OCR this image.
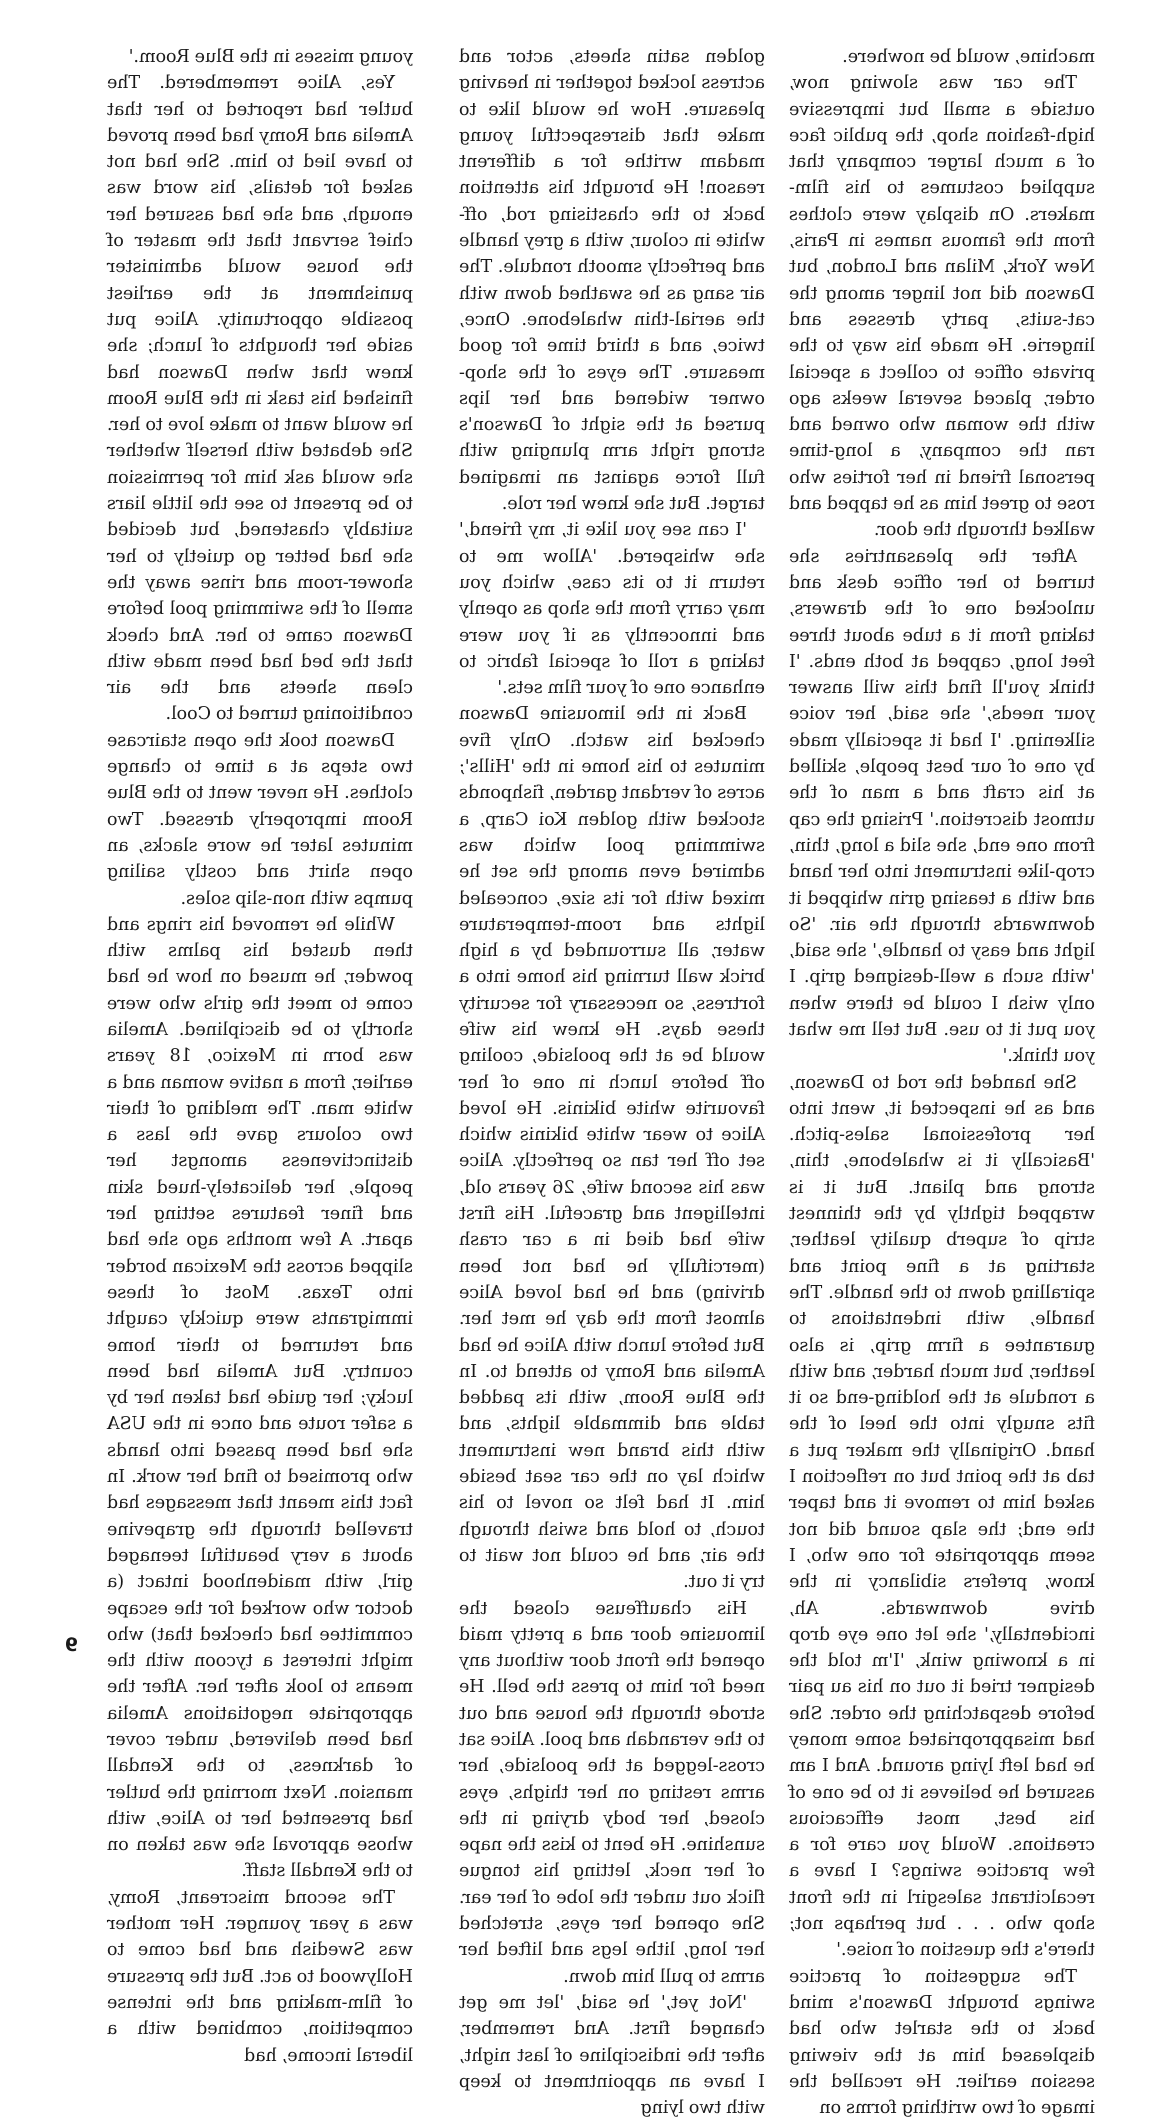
machine, would be nowhere.

The car was slowing now, outside a small but impressive high-fashion shop, the public face of a much larger company that supplied costumes to his film-makers. On display were clothes from the famous names in Paris, New York, Milan and London, but Dawson did not linger among the cat-suits, party dresses and lingerie. He made his way to the private office to collect a special order, placed several weeks ago with the woman who owned and ran the company, a long-time personal friend in her forties who rose to greet him as he tapped and walked through the door.

After the pleasantries she turned to her office desk and unlocked one of the drawers, taking from it a tube about three feet long, capped at both ends. 'I think you'll find this will answer your needs,' she said, her voice silkening. 'I had it specially made by one of our best people, skilled at his craft and a man of the utmost discretion.' Prising the cap from one end, she slid a long, thin, crop-like instrument into her hand and with a teasing grin whipped it downwards through the air. 'So light and easy to handle,' she said, 'with such a well-designed grip. I only wish I could be there when you put it to use. But tell me what you think.'

She handed the rod to Dawson, and as he inspected it, went into her professional sales-pitch. 'Basically it is whalebone, thin, strong and pliant. But it is wrapped tightly by the thinnest strip of superb quality leather, starting at a fine point and spiralling down to the handle. The handle, with indentations to guarantee a firm grip, is also leather, but much harder, and with a rondule at the holding-end so it fits snugly into the heel of the hand. Originally the maker put a tab at the point but on reflection I asked him to remove it and taper the end; the slap sound did not seem appropriate for one who, I know, prefers sibilancy in the drive downwards. Ah, incidentally,' she let one eye drop in a knowing wink, 'I'm told the designer tried it out on his au pair before despatching the order. She had misappropriated some money he had left lying around. And I am assured he believes it to be one of his best, most efficacious creations. Would you care for a few practice swings? I have a recalcitrant salesgirl in the front shop who . . . but perhaps not; there's the question of noise.'

The suggestion of practice swings brought Dawson's mind back to the starlet who had displeased him at the viewing session earlier. He recalled the image of two writhing forms on

golden satin sheets, actor and actress locked together in heaving pleasure. How he would like to make that disrespectful young madam writhe for a different reason! He brought his attention back to the chastising rod, off-white in colour, with a grey handle and perfectly smooth rondule. The air sang as he swathed down with the aerial-thin whalebone. Once, twice, and a third time for good measure. The eyes of the shop-owner widened and her lips pursed at the sight of Dawson's strong right arm plunging with full force against an imagined target. But she knew her role.

'I can see you like it, my friend,' she whispered. 'Allow me to return it to its case, which you may carry from the shop as openly and innocently as if you were taking a roll of special fabric to enhance one of your film sets.'

Back in the limousine Dawson checked his watch. Only five minutes to his home in the 'Hills'; acres of verdant garden, fishponds stocked with golden Koi Carp, a swimming pool which was admired even among the set he mixed with for its size, concealed lights and room-temperature water, all surrounded by a high brick wall turning his home into a fortress, so necessary for security these days. He knew his wife would be at the poolside, cooling off before lunch in one of her favourite white bikinis. He loved Alice to wear white bikinis which set off her tan so perfectly. Alice was his second wife, 26 years old, intelligent and graceful. His first wife had died in a car crash (mercifully he had not been driving) and he had loved Alice almost from the day he met her. But before lunch with Alice he had Amelia and Romy to attend to. In the Blue Room, with its padded table and dimmable lights, and with this brand new instrument which lay on the car seat beside him. It had felt so novel to his touch, to hold and swish through the air, and he could not wait to try it out.

His chauffeuse closed the limousine door and a pretty maid opened the front door without any need for him to press the bell. He strode through the house and out to the verandah and pool. Alice sat cross-legged at the poolside, her arms resting on her thighs, eyes closed, her body drying in the sunshine. He bent to kiss the nape of her neck, letting his tongue flick out under the lobe of her ear. She opened her eyes, stretched her long, lithe legs and lifted her arms to pull him down.

'Not yet,' he said, 'let me get changed first. And remember, after the indiscipline of last night, I have an appointment to keep with two lying

young misses in the Blue Room.'

Yes, Alice remembered. The butler had reported to her that Amelia and Romy had been proved to have lied to him. She had not asked for details, his word was enough, and she had assured her chief servant that the master of the house would administer punishment at the earliest possible opportunity. Alice put aside her thoughts of lunch; she knew that when Dawson had finished his task in the Blue Room he would want to make love to her. She debated with herself whether she would ask him for permission to be present to see the little liars suitably chastened, but decided she had better go quietly to her shower-room and rinse away the smell of the swimming pool before Dawson came to her. And check that the bed had been made with clean sheets and the air conditioning turned to Cool.

Dawson took the open staircase two steps at a time to change clothes. He never went to the Blue Room improperly dressed. Two minutes later he wore slacks, an open shirt and costly sailing pumps with non-slip soles.

While he removed his rings and then dusted his palms with powder, he mused on how he had come to meet the girls who were shortly to be disciplined. Amelia was born in Mexico, 18 years earlier, from a native woman and a white man. The melding of their two colours gave the lass a distinctiveness amongst her people, her delicately-hued skin and finer features setting her apart. A few months ago she had slipped across the Mexican border into Texas. Most of these immigrants were quickly caught and returned to their home country. But Amelia had been lucky; her guide had taken her by a safer route and once in the USA she had been passed into hands who promised to find her work. In fact this meant that messages had travelled through the grapevine about a very beautiful teenaged girl, with maidenhood intact (a doctor who worked for the escape committee had checked that) who might interest a tycoon with the means to look after her. After the appropriate negotiations Amelia had been delivered, under cover of darkness, to the Kendall mansion. Next morning the butler had presented her to Alice, with whose approval she was taken on to the Kendall staff.

The second miscreant, Romy, was a year younger. Her mother was Swedish and had come to Hollywood to act. But the pressure of film-making and the intense competition, combined with a liberal income, had

9
